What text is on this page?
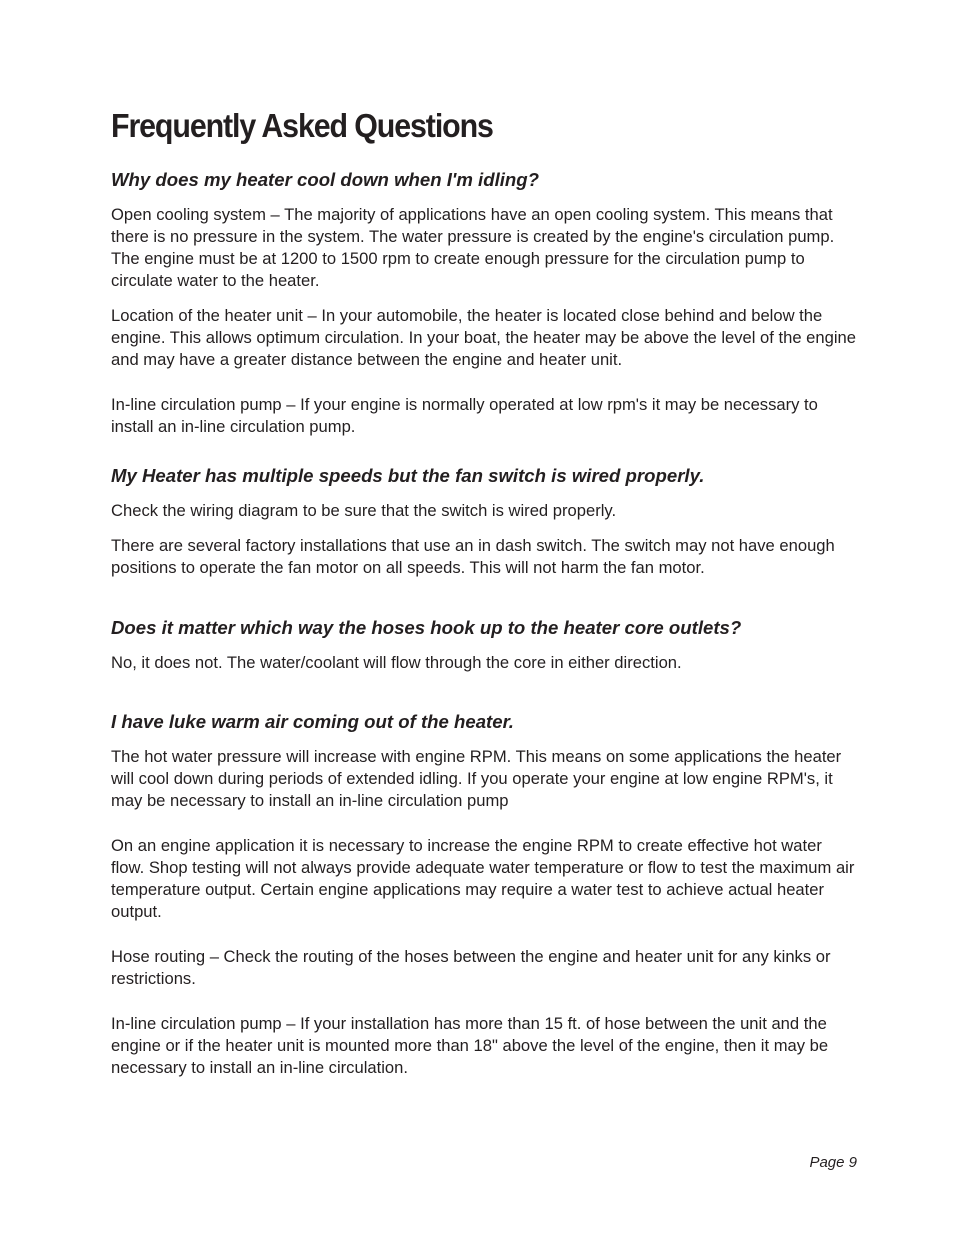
Frequently Asked Questions
Why does my heater cool down when I'm idling?

Open cooling system – The majority of applications have an open cooling system. This means that there is no pressure in the system. The water pressure is created by the engine's circulation pump. The engine must be at 1200 to 1500 rpm to create enough pressure for the circulation pump to circulate water to the heater.

Location of the heater unit – In your automobile, the heater is located close behind and below the engine. This allows optimum circulation. In your boat, the heater may be above the level of the engine and may have a greater distance between the engine and heater unit.

In-line circulation pump – If your engine is normally operated at low rpm's it may be necessary to install an in-line circulation pump.

My Heater has multiple speeds but the fan switch is wired properly.

Check the wiring diagram to be sure that the switch is wired properly.

There are several factory installations that use an in dash switch. The switch may not have enough positions to operate the fan motor on all speeds. This will not harm the fan motor.

Does it matter which way the hoses hook up to the heater core outlets?

No, it does not. The water/coolant will flow through the core in either direction.

I have luke warm air coming out of the heater.

The hot water pressure will increase with engine RPM. This means on some applications the heater will cool down during periods of extended idling. If you operate your engine at low engine RPM's, it may be necessary to install an in-line circulation pump

On an engine application it is necessary to increase the engine RPM to create effective hot water flow. Shop testing will not always provide adequate water temperature or flow to test the maximum air temperature output. Certain engine applications may require a water test to achieve actual heater output.

Hose routing – Check the routing of the hoses between the engine and heater unit for any kinks or restrictions.

In-line circulation pump – If your installation has more than 15 ft. of hose between the unit and the engine or if the heater unit is mounted more than 18" above the level of the engine, then it may be necessary to install an in-line circulation.

Page 9
